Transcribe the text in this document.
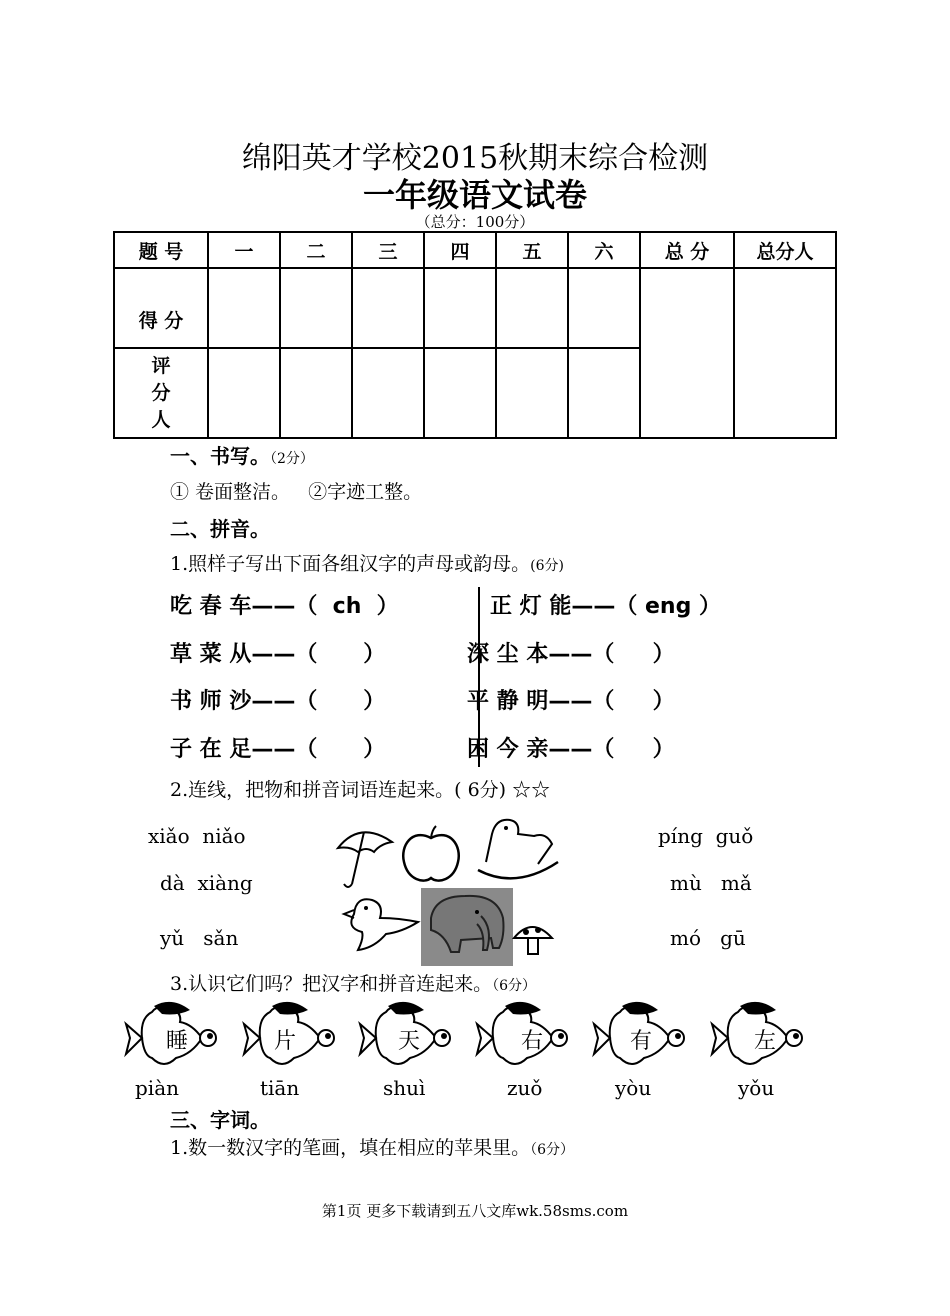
绵阳英才学校2015秋期末综合检测
一年级语文试卷
（总分：100分）
题 号	一	二	三	四	五	六	总 分	总分人
得 分								

评分人								

一、书写。（2分）
① 卷面整洁。   ②字迹工整。
二、拼音。
1.照样子写出下面各组汉字的声母或韵母。(6分)
吃 春 车——（  ch  ）
草 菜 从——（      ）
书 师 沙——（      ）
子 在 足——（      ）
正 灯 能——（ eng ）
深 尘 本——（     ）
平 静 明——（     ）
困 今 亲——（     ）
2.连线，把物和拼音词语连起来。( 6分) ☆☆
xiǎo  niǎo
dà  xiàng
yǔ   sǎn
píng  guǒ
mù   mǎ
mó   gū
3.认识它们吗？把汉字和拼音连起来。（6分）
睡	片	天	右	有	左
piàn	tiān	shuì	zuǒ	yòu	yǒu
三、字词。
1.数一数汉字的笔画，填在相应的苹果里。（6分）
第1页 更多下载请到五八文库wk.58sms.com
